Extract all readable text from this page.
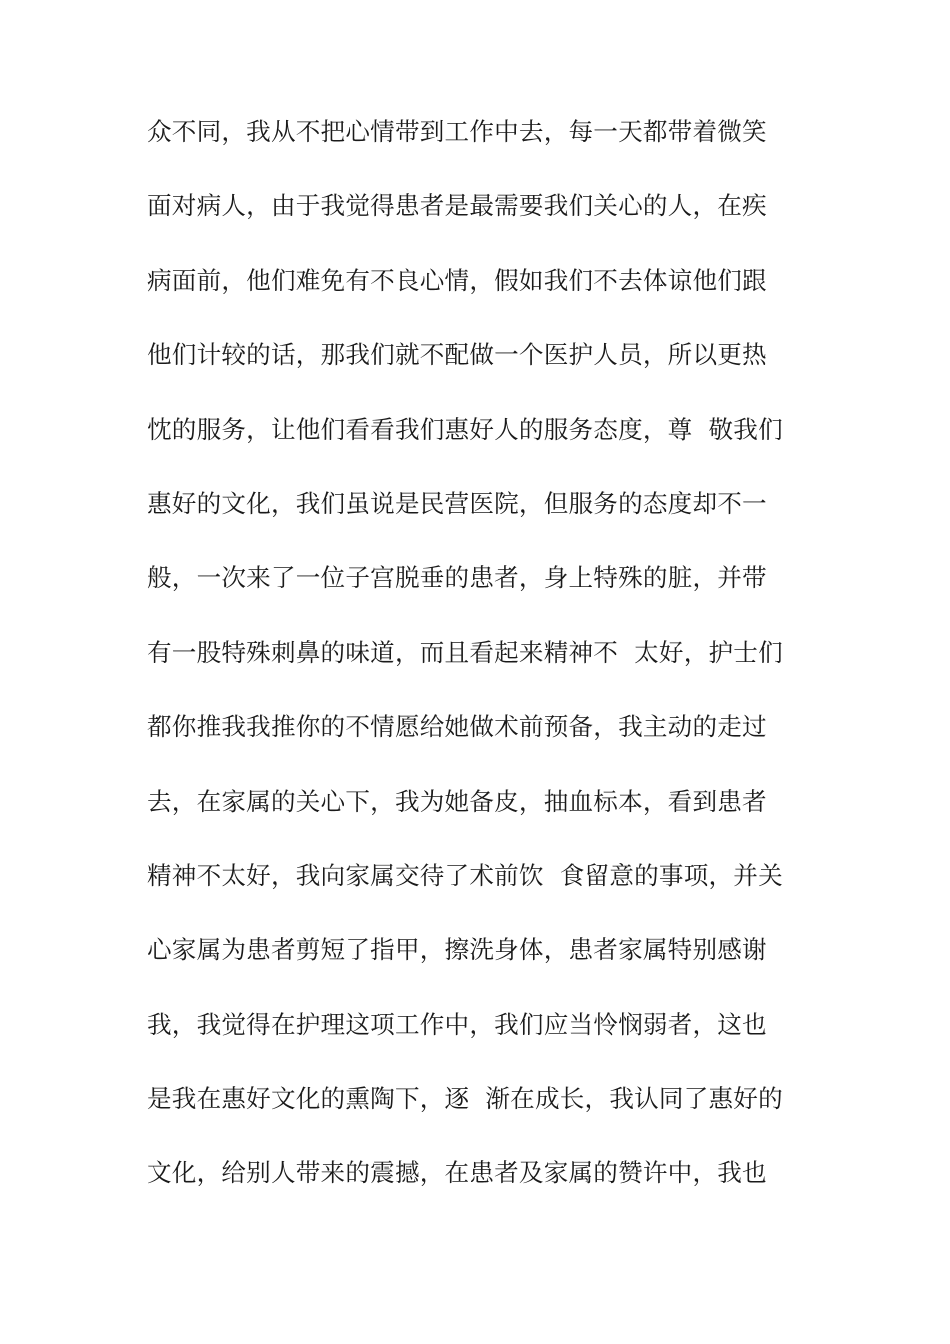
众不同，我从不把心情带到工作中去，每一天都带着微笑
面对病人，由于我觉得患者是最需要我们关心的人，在疾
病面前，他们难免有不良心情，假如我们不去体谅他们跟
他们计较的话，那我们就不配做一个医护人员，所以更热
忱的服务，让他们看看我们惠好人的服务态度，尊  敬我们
惠好的文化，我们虽说是民营医院，但服务的态度却不一
般，一次来了一位子宫脱垂的患者，身上特殊的脏，并带
有一股特殊刺鼻的味道，而且看起来精神不  太好，护士们
都你推我我推你的不情愿给她做术前预备，我主动的走过
去，在家属的关心下，我为她备皮，抽血标本，看到患者
精神不太好，我向家属交待了术前饮  食留意的事项，并关
心家属为患者剪短了指甲，擦洗身体，患者家属特别感谢
我，我觉得在护理这项工作中，我们应当怜悯弱者，这也
是我在惠好文化的熏陶下，逐  渐在成长，我认同了惠好的
文化，给别人带来的震撼，在患者及家属的赞许中，我也
